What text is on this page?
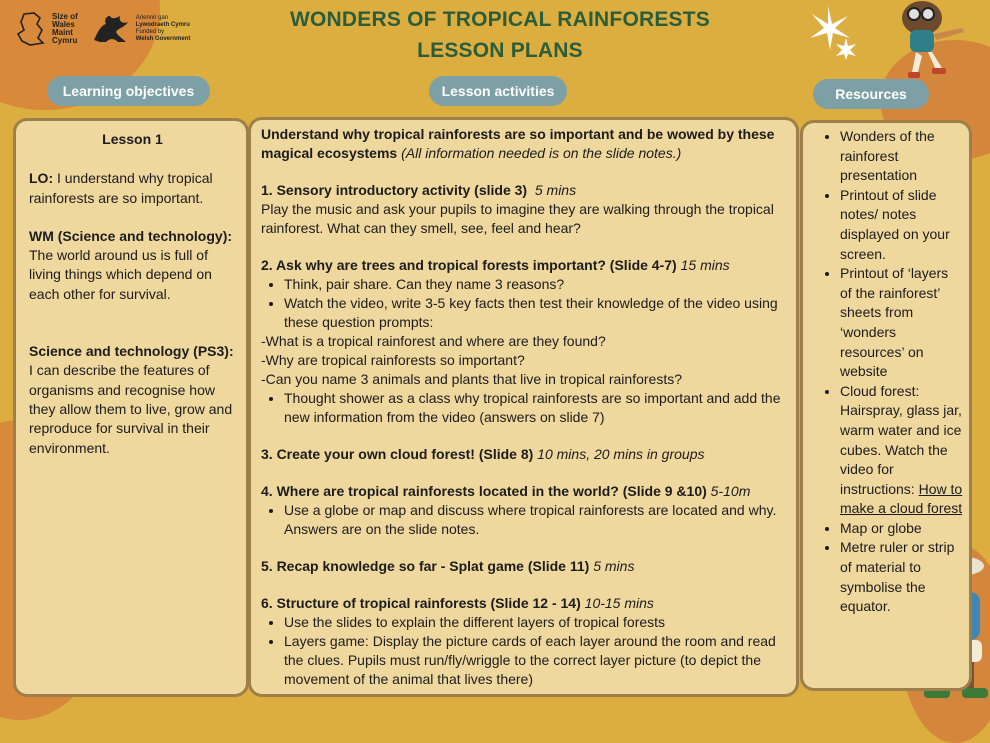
Size of
Wales
Maint
Cymru
Ariennir gan
Lywodraeth Cymru
Funded by
Welsh Government
WONDERS OF TROPICAL RAINFORESTS
LESSON PLANS
Learning objectives	Lesson activities	Resources
Lesson 1

LO: I understand why tropical rainforests are so important.

WM (Science and technology):

The world around us is full of living things which depend on each other for survival.

Science and technology (PS3):

I can describe the features of organisms and recognise how they allow them to live, grow and reproduce for survival in their environment.

Understand why tropical rainforests are so important and be wowed by these magical ecosystems (All information needed is on the slide notes.)

1. Sensory introductory activity (slide 3) 5 mins

Play the music and ask your pupils to imagine they are walking through the tropical rainforest. What can they smell, see, feel and hear?

2. Ask why are trees and tropical forests important? (Slide 4-7) 15 mins

• Think, pair share. Can they name 3 reasons?
• Watch the video, write 3-5 key facts then test their knowledge of the video using these question prompts:

-What is a tropical rainforest and where are they found?

-Why are tropical rainforests so important?

-Can you name 3 animals and plants that live in tropical rainforests?

• Thought shower as a class why tropical rainforests are so important and add the new information from the video (answers on slide 7)

3. Create your own cloud forest! (Slide 8) 10 mins, 20 mins in groups

4. Where are tropical rainforests located in the world? (Slide 9 &10) 5-10m

• Use a globe or map and discuss where tropical rainforests are located and why. Answers are on the slide notes.

5. Recap knowledge so far - Splat game (Slide 11) 5 mins

6. Structure of tropical rainforests (Slide 12 - 14) 10-15 mins

• Use the slides to explain the different layers of tropical forests
• Layers game: Display the picture cards of each layer around the room and read the clues. Pupils must run/fly/wriggle to the correct layer picture (to depict the movement of the animal that lives there)
• Wonders of the rainforest presentation
• Printout of slide notes/ notes displayed on your screen.
• Printout of ‘layers of the rainforest’ sheets from ‘wonders resources’ on website
• Cloud forest: Hairspray, glass jar, warm water and ice cubes. Watch the video for instructions: How to make a cloud forest
• Map or globe
• Metre ruler or strip of material to symbolise the equator.
